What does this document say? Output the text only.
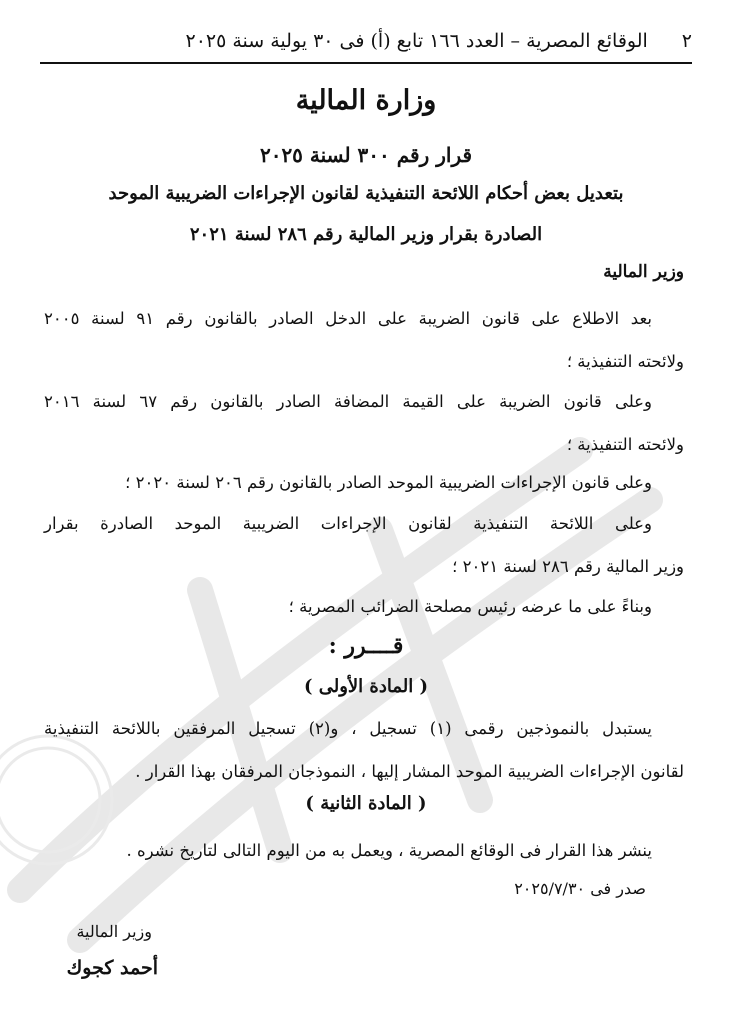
٢
الوقائع المصرية – العدد ١٦٦ تابع (أ) فى ٣٠ يولية سنة ٢٠٢٥
وزارة المالية
قرار رقم ٣٠٠ لسنة ٢٠٢٥
بتعديل بعض أحكام اللائحة التنفيذية لقانون الإجراءات الضريبية الموحد
الصادرة بقرار وزير المالية رقم ٢٨٦ لسنة ٢٠٢١
وزير المالية
بعد الاطلاع على قانون الضريبة على الدخل الصادر بالقانون رقم ٩١ لسنة ٢٠٠٥
ولائحته التنفيذية ؛
وعلى قانون الضريبة على القيمة المضافة الصادر بالقانون رقم ٦٧ لسنة ٢٠١٦
ولائحته التنفيذية ؛
وعلى قانون الإجراءات الضريبية الموحد الصادر بالقانون رقم ٢٠٦ لسنة ٢٠٢٠ ؛
وعلى اللائحة التنفيذية لقانون الإجراءات الضريبية الموحد الصادرة بقرار
وزير المالية رقم ٢٨٦ لسنة ٢٠٢١ ؛
وبناءً على ما عرضه رئيس مصلحة الضرائب المصرية ؛
قــــرر :
( المادة الأولى )
يستبدل بالنموذجين رقمى (١) تسجيل ، و(٢) تسجيل المرفقين باللائحة التنفيذية
لقانون الإجراءات الضريبية الموحد المشار إليها ، النموذجان المرفقان بهذا القرار .
( المادة الثانية )
ينشر هذا القرار فى الوقائع المصرية ، ويعمل به من اليوم التالى لتاريخ نشره .
صدر فى ٢٠٢٥/٧/٣٠
وزير المالية
أحمد كجوك
